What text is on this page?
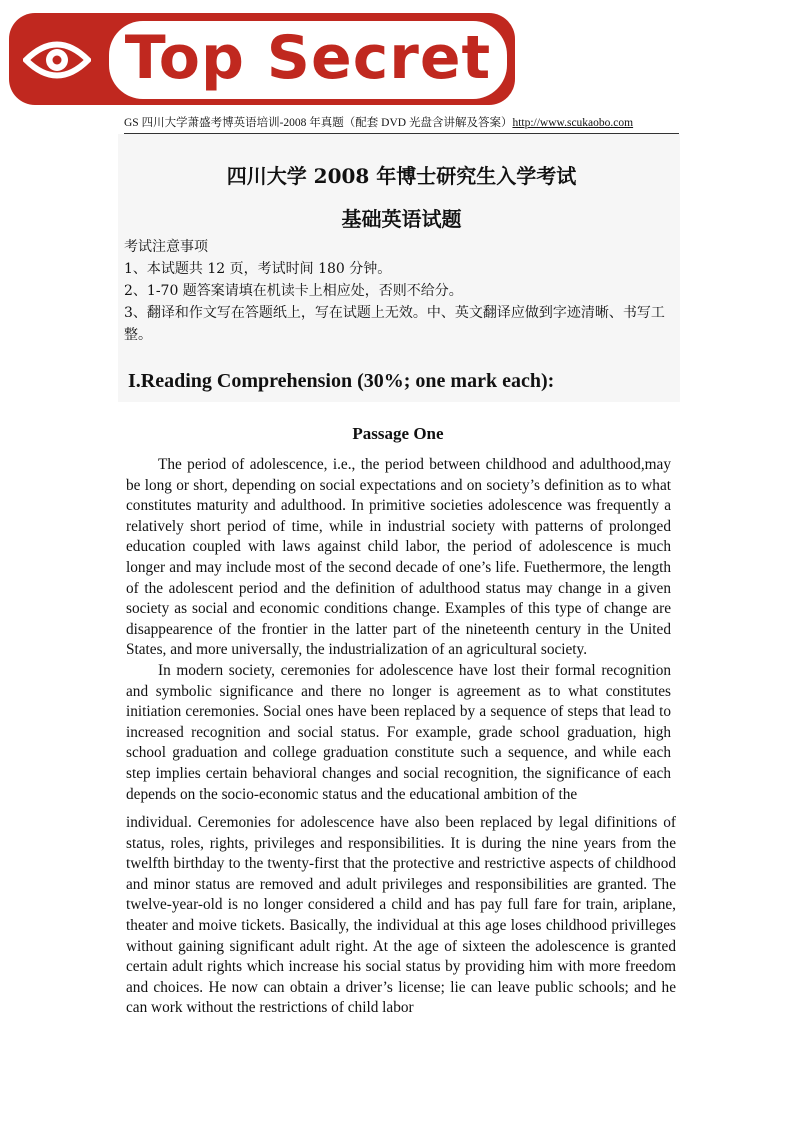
Top Secret
GS 四川大学萧盛考博英语培训-2008 年真题（配套 DVD 光盘含讲解及答案）http://www.scukaobo.com
四川大学 2008 年博士研究生入学考试
基础英语试题

考试注意事项

1、本试题共 12 页，考试时间 180 分钟。

2、1-70 题答案请填在机读卡上相应处，否则不给分。

3、翻译和作文写在答题纸上，写在试题上无效。中、英文翻译应做到字迹清晰、书写工整。

I.Reading Comprehension (30%; one mark each):
Passage One

The period of adolescence, i.e., the period between childhood and adulthood,may be long or short, depending on social expectations and on society’s definition as to what constitutes maturity and adulthood. In primitive societies adolescence was frequently a relatively short period of time, while in industrial society with patterns of prolonged education coupled with laws against child labor, the period of adolescence is much longer and may include most of the second decade of one’s life. Fuethermore, the length of the adolescent period and the definition of adulthood status may change in a given society as social and economic conditions change. Examples of this type of change are disappearence of the frontier in the latter part of the nineteenth century in the United States, and more universally, the industrialization of an agricultural society.

In modern society, ceremonies for adolescence have lost their formal recognition and symbolic significance and there no longer is agreement as to what constitutes initiation ceremonies. Social ones have been replaced by a sequence of steps that lead to increased recognition and social status. For example, grade school graduation, high school graduation and college graduation constitute such a sequence, and while each step implies certain behavioral changes and social recognition, the significance of each depends on the socio-economic status and the educational ambition of the

individual. Ceremonies for adolescence have also been replaced by legal difinitions of status, roles, rights, privileges and responsibilities. It is during the nine years from the twelfth birthday to the twenty-first that the protective and restrictive aspects of childhood and minor status are removed and adult privileges and responsibilities are granted. The twelve-year-old is no longer considered a child and has pay full fare for train, ariplane, theater and moive tickets. Basically, the individual at this age loses childhood privilleges without gaining significant adult right. At the age of sixteen the adolescence is granted certain adult rights which increase his social status by providing him with more freedom and choices. He now can obtain a driver’s license; lie can leave public schools; and he can work without the restrictions of child labor
